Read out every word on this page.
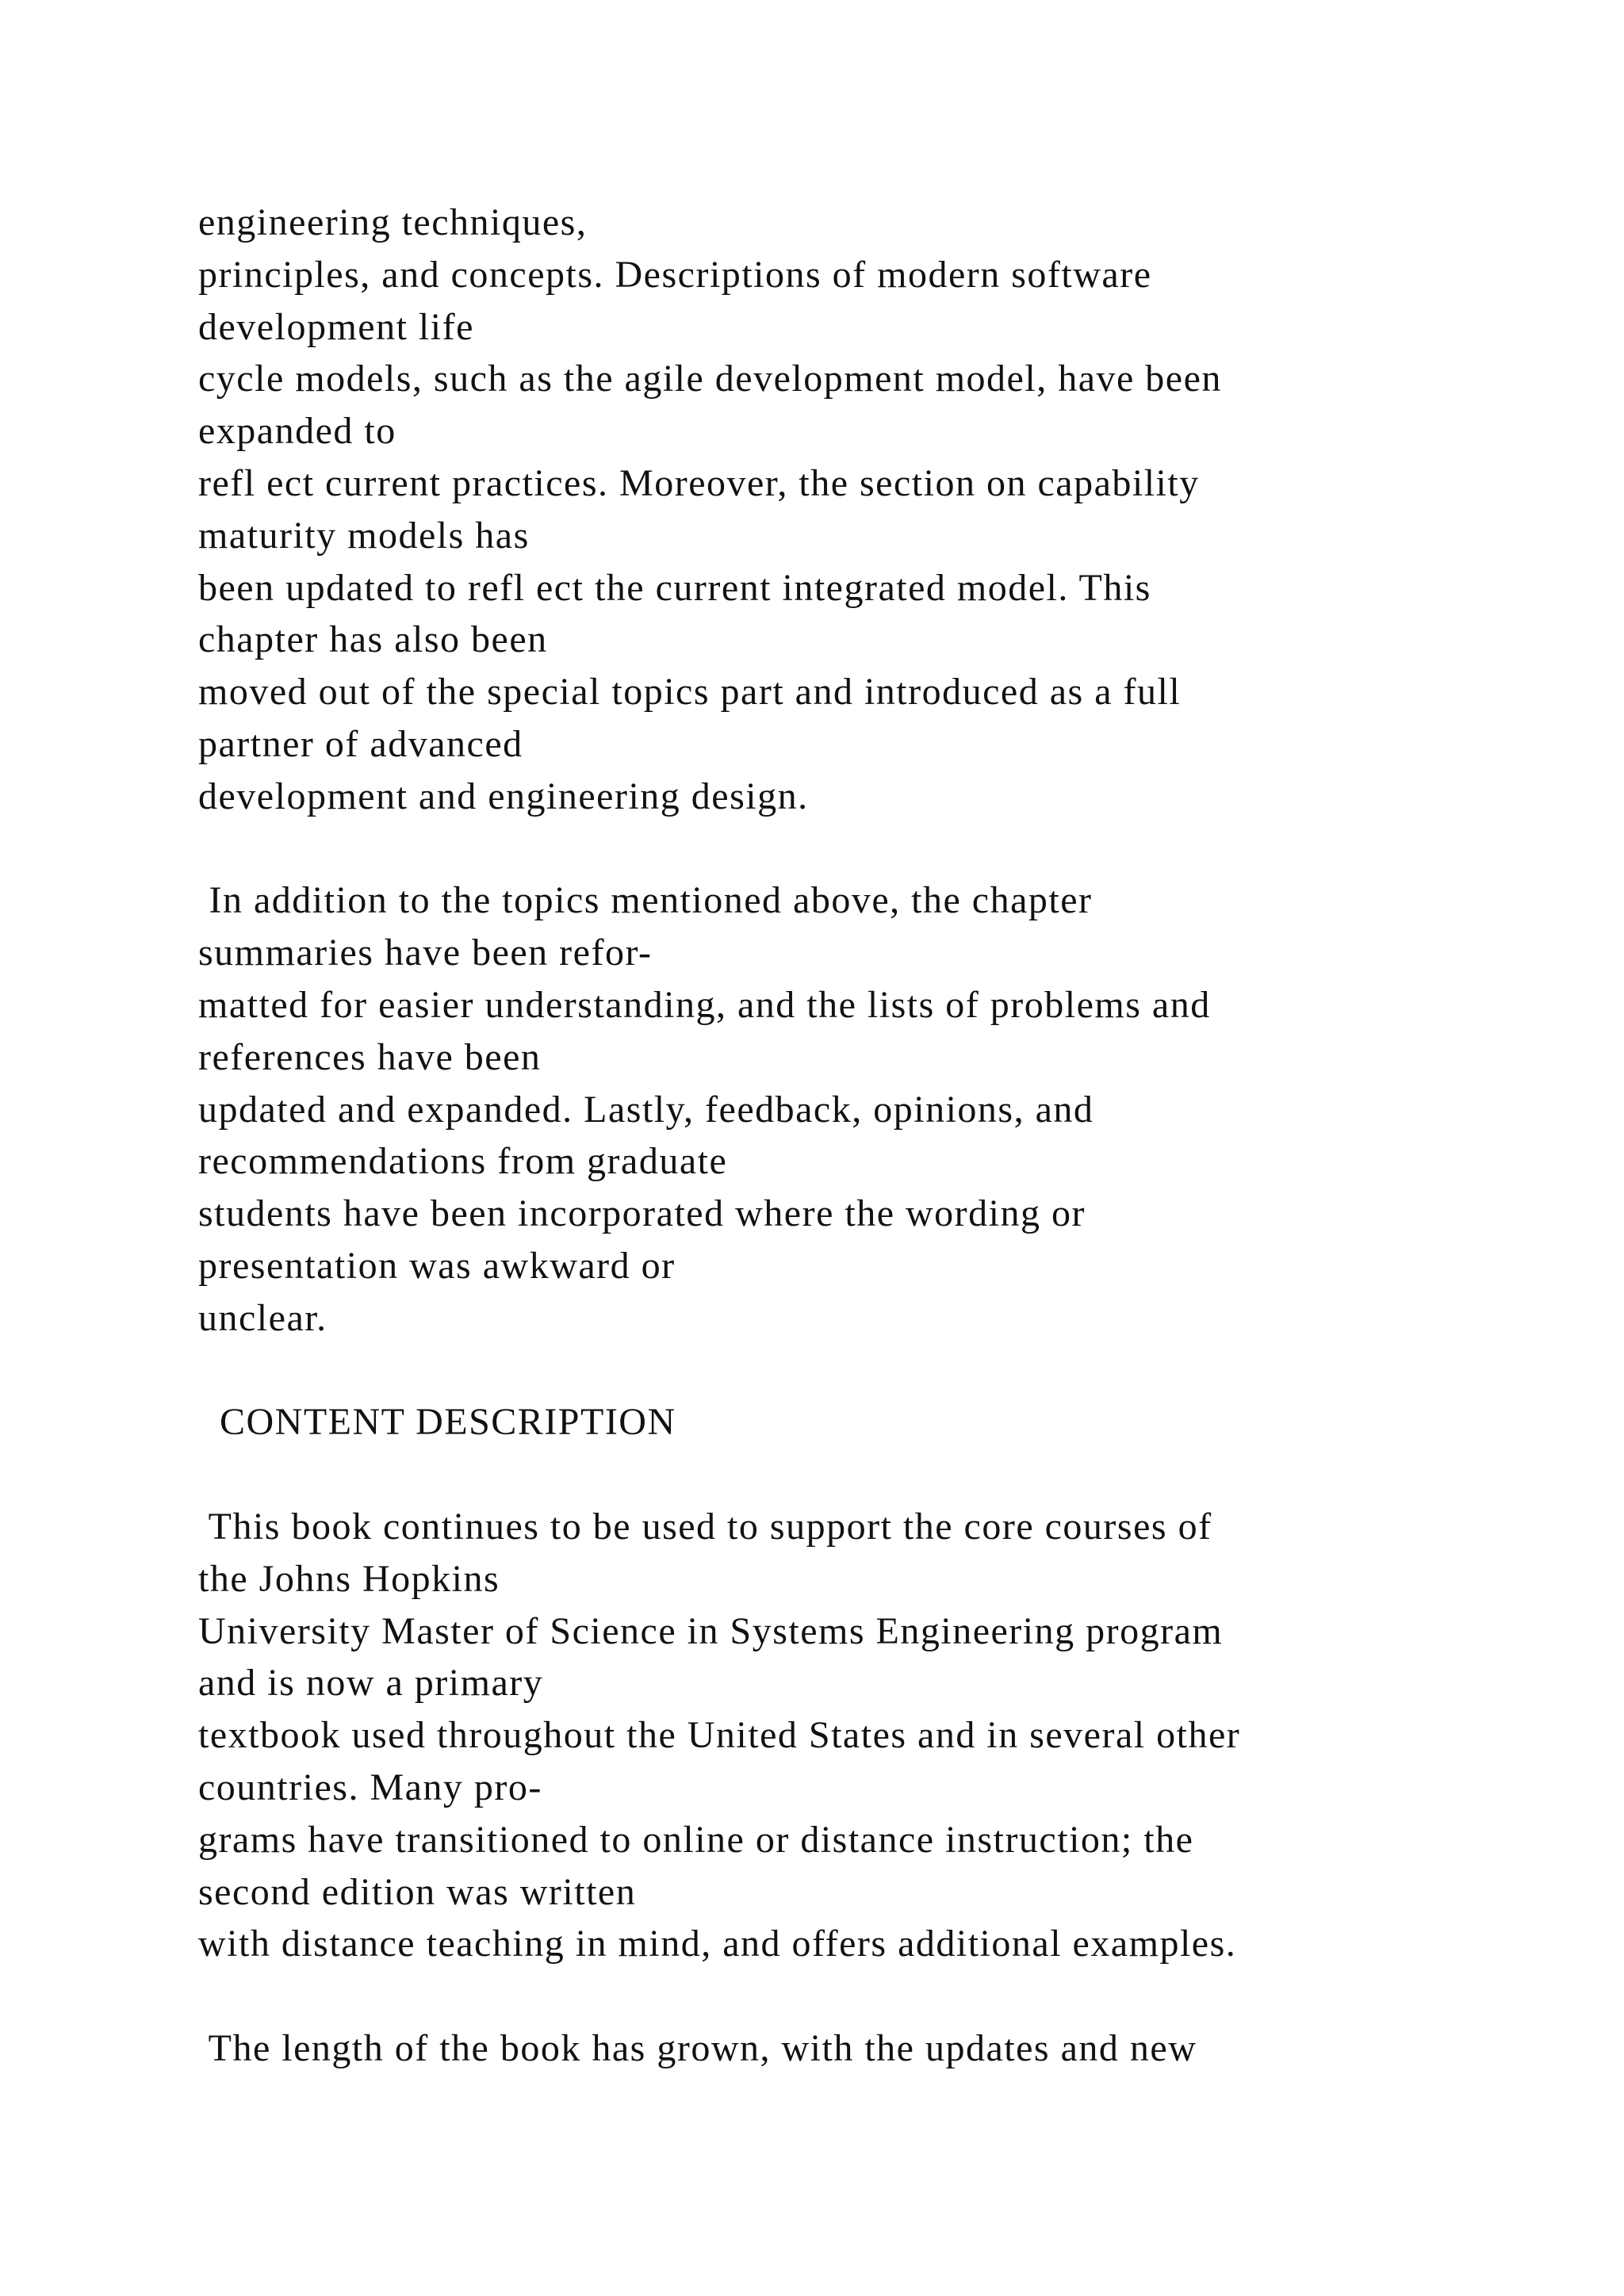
engineering techniques,
principles, and concepts. Descriptions of modern software
development life
cycle models, such as the agile development model, have been
expanded to
refl ect current practices. Moreover, the section on capability
maturity models has
been updated to refl ect the current integrated model. This
chapter has also been
moved out of the special topics part and introduced as a full
partner of advanced
development and engineering design.
In addition to the topics mentioned above, the chapter
summaries have been refor-
matted for easier understanding, and the lists of problems and
references have been
updated and expanded. Lastly, feedback, opinions, and
recommendations from graduate
students have been incorporated where the wording or
presentation was awkward or
unclear.
CONTENT DESCRIPTION
This book continues to be used to support the core courses of
the Johns Hopkins
University Master of Science in Systems Engineering program
and is now a primary
textbook used throughout the United States and in several other
countries. Many pro-
grams have transitioned to online or distance instruction; the
second edition was written
with distance teaching in mind, and offers additional examples.
The length of the book has grown, with the updates and new
